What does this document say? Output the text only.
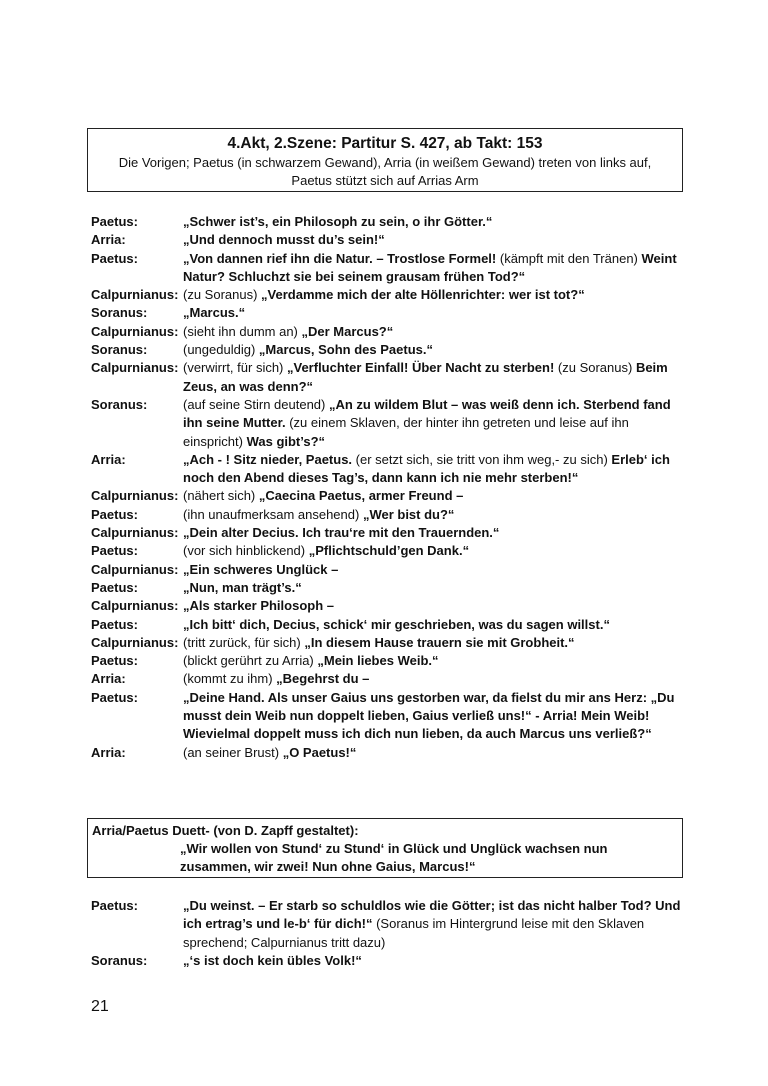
4.Akt, 2.Szene: Partitur S. 427, ab Takt: 153
Die Vorigen; Paetus (in schwarzem Gewand), Arria (in weißem Gewand) treten von links auf,
Paetus stützt sich auf Arrias Arm
Paetus:	„Schwer ist’s, ein Philosoph zu sein, o ihr Götter.“
Arria:	„Und dennoch musst du’s sein!“
Paetus:	„Von dannen rief ihn die Natur. – Trostlose Formel! (kämpft mit den Tränen) Weint Natur? Schluchzt sie bei seinem grausam frühen Tod?“
Calpurnianus: (zu Soranus) „Verdamme mich der alte Höllenrichter: wer ist tot?“
Soranus:	„Marcus.“
Calpurnianus: (sieht ihn dumm an) „Der Marcus?“
Soranus:	(ungeduldig) „Marcus, Sohn des Paetus.“
Calpurnianus: (verwirrt, für sich) „Verfluchter Einfall! Über Nacht zu sterben! (zu Soranus) Beim Zeus, an was denn?“
Soranus:	(auf seine Stirn deutend) „An zu wildem Blut – was weiß denn ich. Sterbend fand ihn seine Mutter. (zu einem Sklaven, der hinter ihn getreten und leise auf ihn einspricht) Was gibt’s?“
Arria:	„Ach - ! Sitz nieder, Paetus. (er setzt sich, sie tritt von ihm weg,- zu sich) Erleb‘ ich noch den Abend dieses Tag’s, dann kann ich nie mehr sterben!“
Calpurnianus: (nähert sich) „Caecina Paetus, armer Freund –
Paetus:	(ihn unaufmerksam ansehend) „Wer bist du?“
Calpurnianus: „Dein alter Decius. Ich trau‘re mit den Trauernden.“
Paetus:	(vor sich hinblickend) „Pflichtschuld’gen Dank.“
Calpurnianus: „Ein schweres Unglück –
Paetus:	„Nun, man trägt’s.“
Calpurnianus: „Als starker Philosoph –
Paetus:	„Ich bitt‘ dich, Decius, schick‘ mir geschrieben, was du sagen willst.“
Calpurnianus: (tritt zurück, für sich) „In diesem Hause trauern sie mit Grobheit.“
Paetus:	(blickt gerührt zu Arria) „Mein liebes Weib.“
Arria:	(kommt zu ihm) „Begehrst du –
Paetus:	„Deine Hand. Als unser Gaius uns gestorben war, da fielst du mir ans Herz: „Du musst dein Weib nun doppelt lieben, Gaius verließ uns!“ - Arria! Mein Weib! Wievielmal doppelt muss ich dich nun lieben, da auch Marcus uns verließ?“
Arria:	(an seiner Brust) „O Paetus!“
Arria/Paetus Duett- (von D. Zapff gestaltet):
„Wir wollen von Stund‘ zu Stund‘ in Glück und Unglück wachsen nun zusammen, wir zwei! Nun ohne Gaius, Marcus!“
Paetus:	„Du weinst. – Er starb so schuldlos wie die Götter; ist das nicht halber Tod? Und ich ertrag’s und le-b‘ für dich!“ (Soranus im Hintergrund leise mit den Sklaven sprechend; Calpurnianus tritt dazu)
Soranus:	„‘s ist doch kein übles Volk!“
21
